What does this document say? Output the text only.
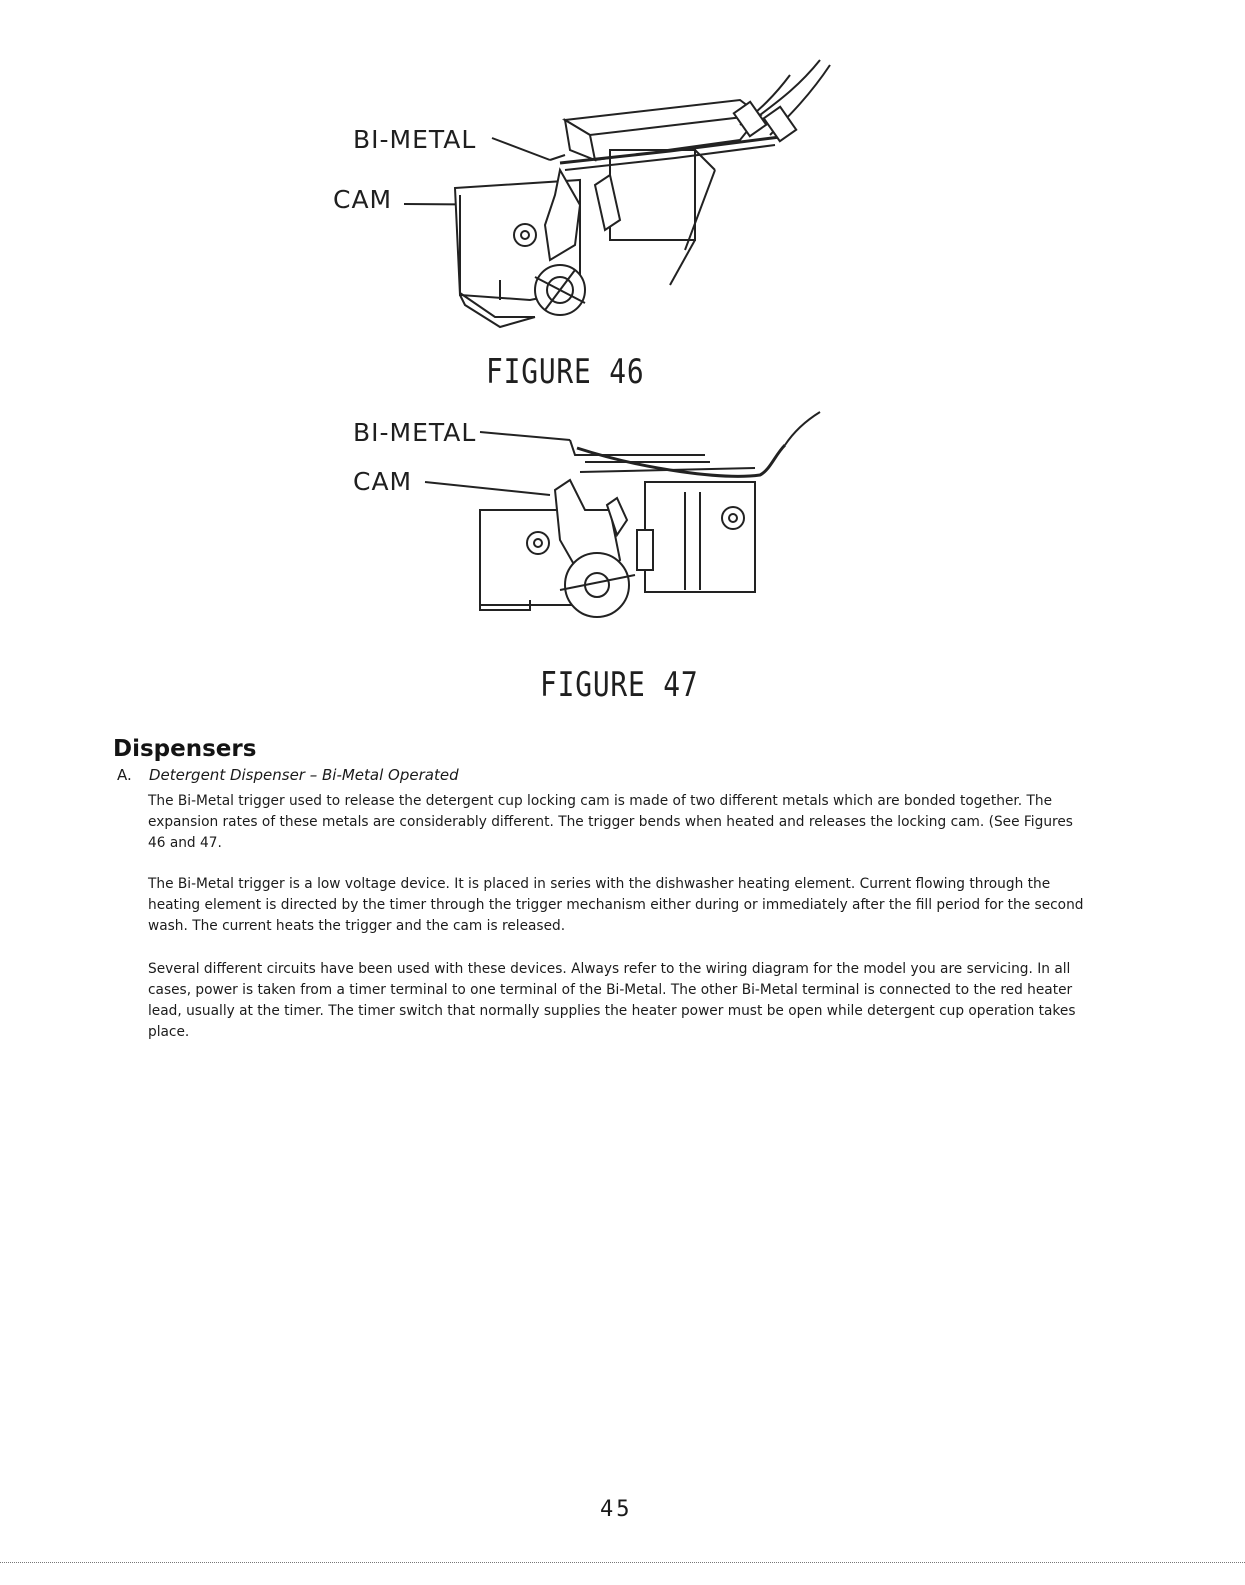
BI-METAL
CAM
FIGURE 46
BI-METAL
CAM
FIGURE 47
Dispensers
A. Detergent Dispenser – Bi-Metal Operated

The Bi-Metal trigger used to release the detergent cup locking cam is made of two different metals which are bonded together. The expansion rates of these metals are considerably different. The trigger bends when heated and releases the locking cam. (See Figures 46 and 47.

The Bi-Metal trigger is a low voltage device. It is placed in series with the dishwasher heating element. Current flowing through the heating element is directed by the timer through the trigger mechanism either during or immediately after the fill period for the second wash. The current heats the trigger and the cam is released.

Several different circuits have been used with these devices. Always refer to the wiring diagram for the model you are servicing. In all cases, power is taken from a timer terminal to one terminal of the Bi-Metal. The other Bi-Metal terminal is connected to the red heater lead, usually at the timer. The timer switch that normally supplies the heater power must be open while detergent cup operation takes place.

45
